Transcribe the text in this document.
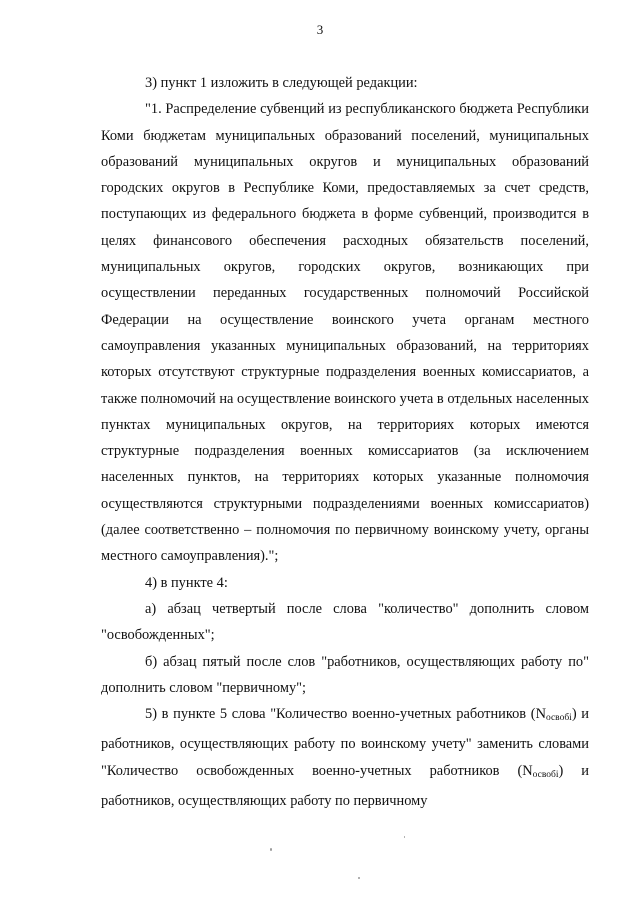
3

3) пункт 1 изложить в следующей редакции:

"1. Распределение субвенций из республиканского бюджета Республики Коми бюджетам муниципальных образований поселений, муниципальных образований муниципальных округов и муниципальных образований городских округов в Республике Коми, предоставляемых за счет средств, поступающих из федерального бюджета в форме субвенций, производится в целях финансового обеспечения расходных обязательств поселений, муниципальных округов, городских округов, возникающих при осуществлении переданных государственных полномочий Российской Федерации на осуществление воинского учета органам местного самоуправления указанных муниципальных образований, на территориях которых отсутствуют структурные подразделения военных комиссариатов, а также полномочий на осуществление воинского учета в отдельных населенных пунктах муниципальных округов, на территориях которых имеются структурные подразделения военных комиссариатов (за исключением населенных пунктов, на территориях которых указанные полномочия осуществляются структурными подразделениями военных комиссариатов) (далее соответственно – полномочия по первичному воинскому учету, органы местного самоуправления).";

4) в пункте 4:

а) абзац четвертый после слова "количество" дополнить словом "освобожденных";

б) абзац пятый после слов "работников, осуществляющих работу по" дополнить словом "первичному";

5) в пункте 5 слова "Количество военно-учетных работников $(N_{освобi})$ и работников, осуществляющих работу по воинскому учету" заменить словами "Количество освобожденных военно-учетных работников $(N_{освобi})$ и работников, осуществляющих работу по первичному
